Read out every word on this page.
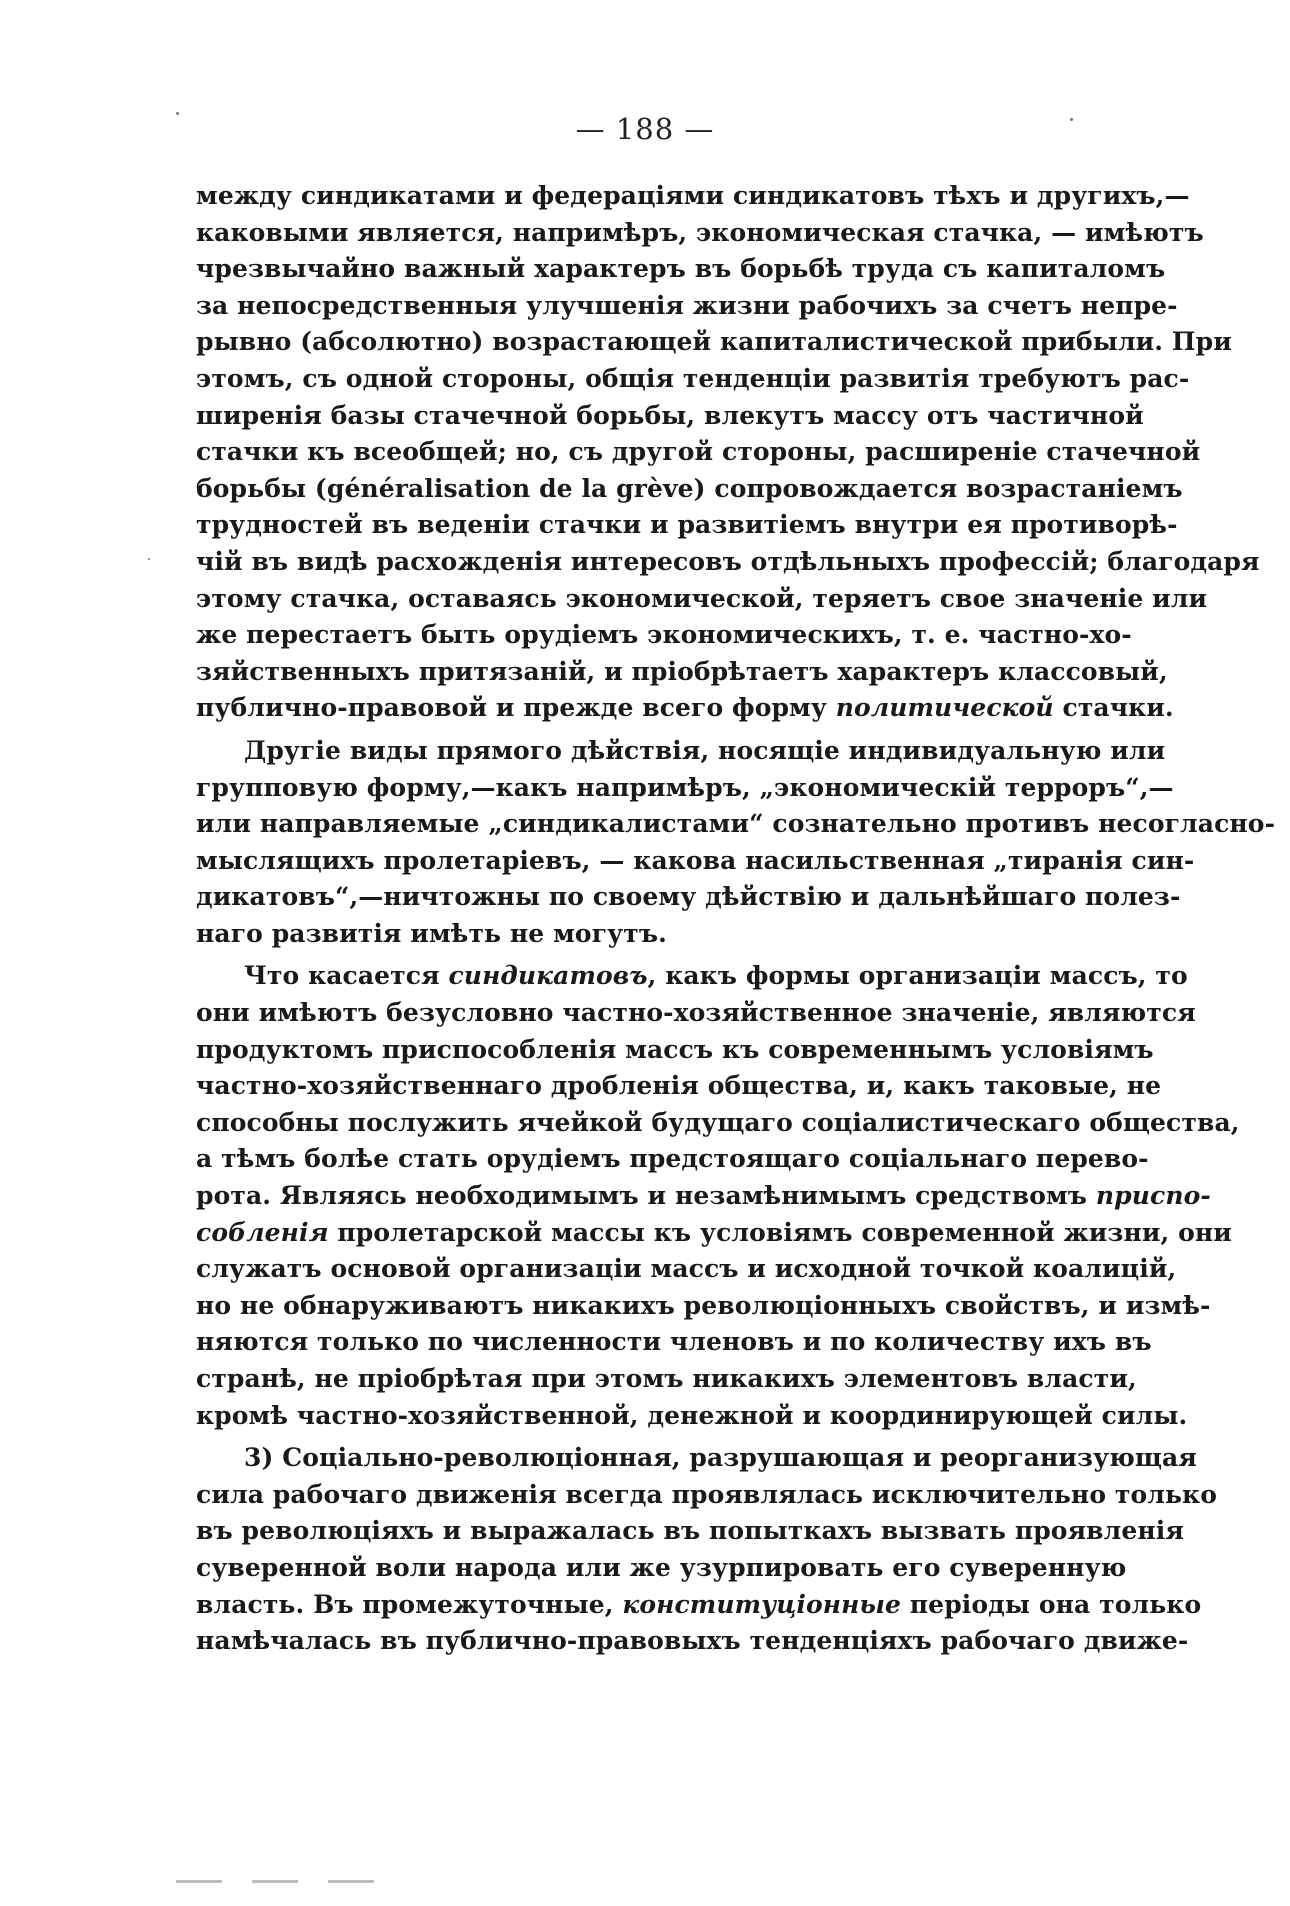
— 188 —
между синдикатами и федераціями синдикатовъ тѣхъ и другихъ,—
каковыми является, напримѣръ, экономическая стачка, — имѣютъ
чрезвычайно важный характеръ въ борьбѣ труда съ капиталомъ
за непосредственныя улучшенія жизни рабочихъ за счетъ непре-
рывно (абсолютно) возрастающей капиталистической прибыли. При
этомъ, съ одной стороны, общія тенденціи развитія требуютъ рас-
ширенія базы стачечной борьбы, влекутъ массу отъ частичной
стачки къ всеобщей; но, съ другой стороны, расширеніе стачечной
борьбы (généralisation de la grève) сопровождается возрастаніемъ
трудностей въ веденіи стачки и развитіемъ внутри ея противорѣ-
чій въ видѣ расхожденія интересовъ отдѣльныхъ профессій; благодаря
этому стачка, оставаясь экономической, теряетъ свое значеніе или
же перестаетъ быть орудіемъ экономическихъ, т. е. частно-хо-
зяйственныхъ притязаній, и пріобрѣтаетъ характеръ классовый,
публично-правовой и прежде всего форму политической стачки.
Другіе виды прямого дѣйствія, носящіе индивидуальную или
групповую форму,—какъ напримѣръ, „экономическій терроръ“,—
или направляемые „синдикалистами“ сознательно противъ несогласно-
мыслящихъ пролетаріевъ, — какова насильственная „тиранія син-
дикатовъ“,—ничтожны по своему дѣйствію и дальнѣйшаго полез-
наго развитія имѣть не могутъ.
Что касается синдикатовъ, какъ формы организаціи массъ, то
они имѣютъ безусловно частно-хозяйственное значеніе, являются
продуктомъ приспособленія массъ къ современнымъ условіямъ
частно-хозяйственнаго дробленія общества, и, какъ таковые, не
способны послужить ячейкой будущаго соціалистическаго общества,
а тѣмъ болѣе стать орудіемъ предстоящаго соціальнаго перево-
рота. Являясь необходимымъ и незамѣнимымъ средствомъ приспо-
собленія пролетарской массы къ условіямъ современной жизни, они
служатъ основой организаціи массъ и исходной точкой коалицій,
но не обнаруживаютъ никакихъ революціонныхъ свойствъ, и измѣ-
няются только по численности членовъ и по количеству ихъ въ
странѣ, не пріобрѣтая при этомъ никакихъ элементовъ власти,
кромѣ частно-хозяйственной, денежной и координирующей силы.
3) Соціально-революціонная, разрушающая и реорганизующая
сила рабочаго движенія всегда проявлялась исключительно только
въ революціяхъ и выражалась въ попыткахъ вызвать проявленія
суверенной воли народа или же узурпировать его суверенную
власть. Въ промежуточные, конституціонные періоды она только
намѣчалась въ публично-правовыхъ тенденціяхъ рабочаго движе-
